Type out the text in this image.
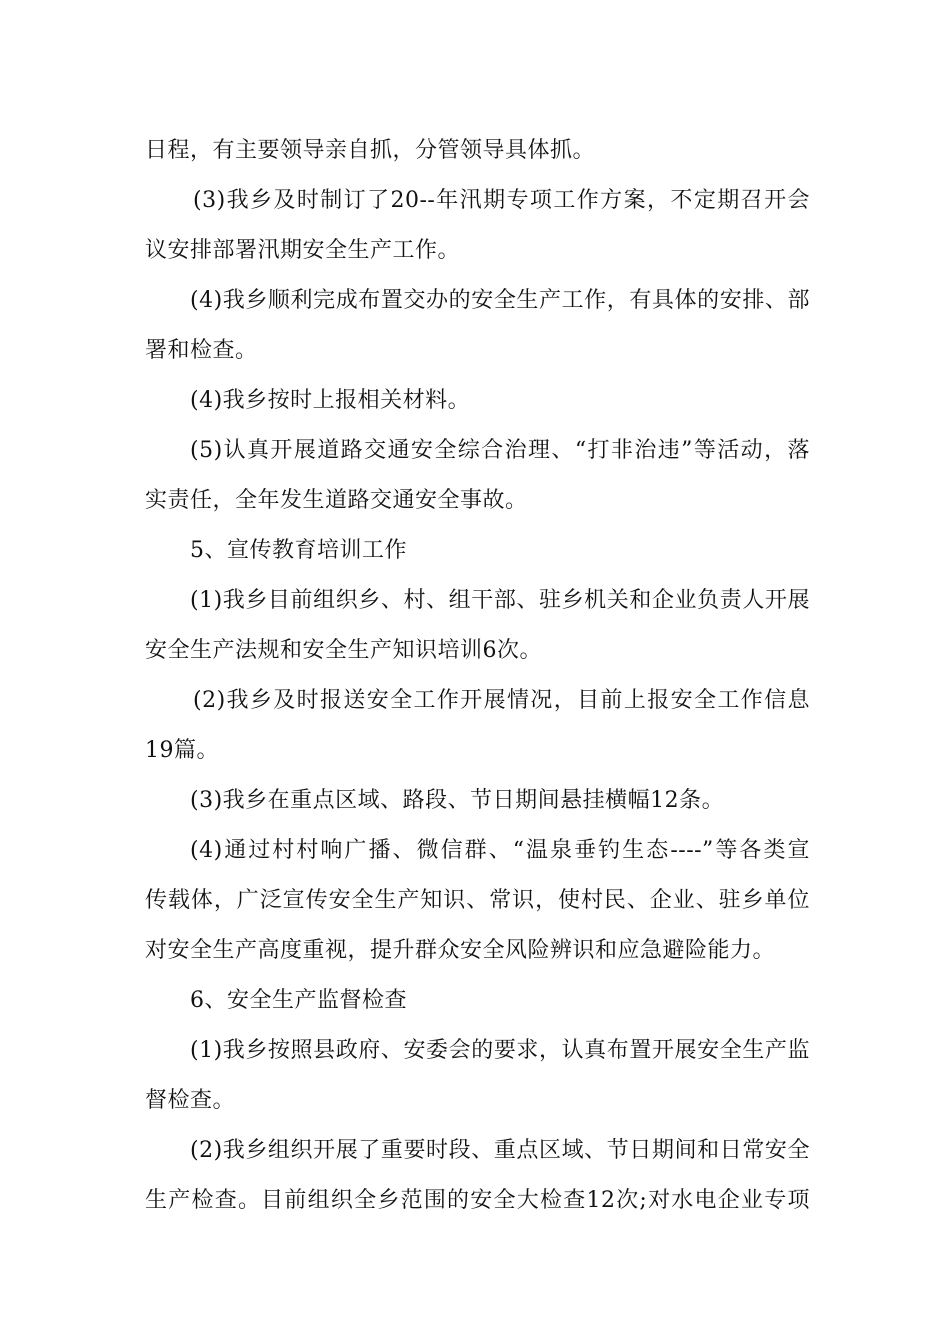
日程，有主要领导亲自抓，分管领导具体抓。
(3)我乡及时制订了20--年汛期专项工作方案，不定期召开会
议安排部署汛期安全生产工作。
(4)我乡顺利完成布置交办的安全生产工作，有具体的安排、部
署和检查。
(4)我乡按时上报相关材料。
(5)认真开展道路交通安全综合治理、“打非治违”等活动，落
实责任，全年发生道路交通安全事故。
5、宣传教育培训工作
(1)我乡目前组织乡、村、组干部、驻乡机关和企业负责人开展
安全生产法规和安全生产知识培训6次。
(2)我乡及时报送安全工作开展情况，目前上报安全工作信息
19篇。
(3)我乡在重点区域、路段、节日期间悬挂横幅12条。
(4)通过村村响广播、微信群、“温泉垂钓生态----”等各类宣
传载体，广泛宣传安全生产知识、常识，使村民、企业、驻乡单位
对安全生产高度重视，提升群众安全风险辨识和应急避险能力。
6、安全生产监督检查
(1)我乡按照县政府、安委会的要求，认真布置开展安全生产监
督检查。
(2)我乡组织开展了重要时段、重点区域、节日期间和日常安全
生产检查。目前组织全乡范围的安全大检查12次;对水电企业专项
